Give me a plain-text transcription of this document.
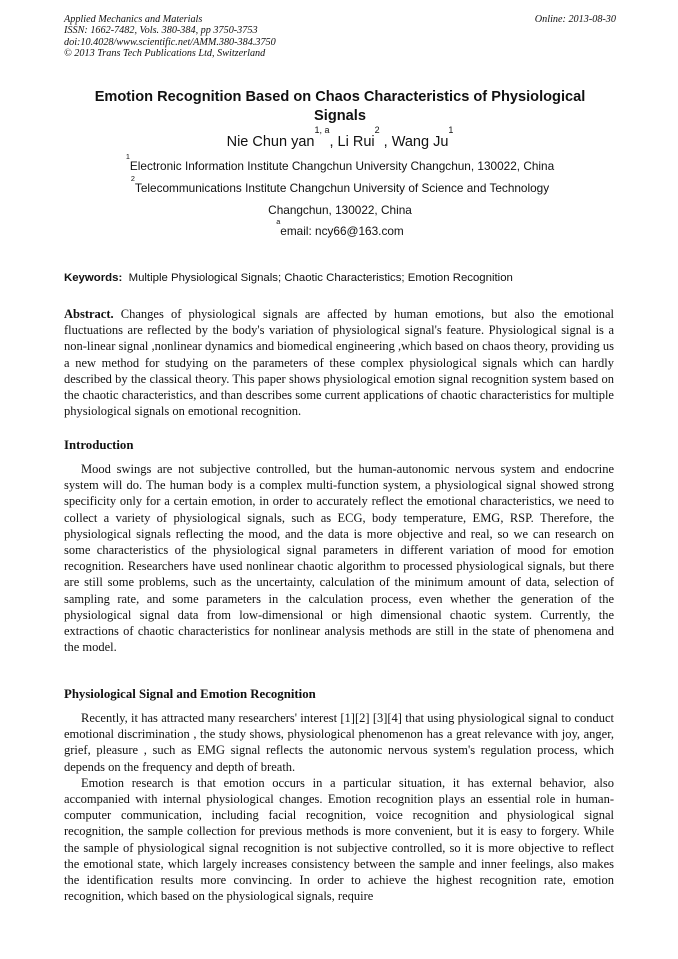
Applied Mechanics and Materials
ISSN: 1662-7482, Vols. 380-384, pp 3750-3753
doi:10.4028/www.scientific.net/AMM.380-384.3750
© 2013 Trans Tech Publications Ltd, Switzerland
Online: 2013-08-30
Emotion Recognition Based on Chaos Characteristics of Physiological
Signals
Nie Chun yan$^{1, a}$, Li Rui$^2$ , Wang Ju$^1$
$^1$Electronic Information Institute Changchun University Changchun, 130022, China
$^2$Telecommunications Institute Changchun University of Science and Technology
Changchun, 130022, China
$^a$email: ncy66@163.com
Keywords: Multiple Physiological Signals; Chaotic Characteristics; Emotion Recognition

Abstract. Changes of physiological signals are affected by human emotions, but also the emotional fluctuations are reflected by the body's variation of physiological signal's feature. Physiological signal is a non-linear signal ,nonlinear dynamics and biomedical engineering ,which based on chaos theory, providing us a new method for studying on the parameters of these complex physiological signals which can hardly described by the classical theory. This paper shows physiological emotion signal recognition system based on the chaotic characteristics, and than describes some current applications of chaotic characteristics for multiple physiological signals on emotional recognition.

Introduction

Mood swings are not subjective controlled, but the human-autonomic nervous system and endocrine system will do. The human body is a complex multi-function system, a physiological signal showed strong specificity only for a certain emotion, in order to accurately reflect the emotional characteristics, we need to collect a variety of physiological signals, such as ECG, body temperature, EMG, RSP. Therefore, the physiological signals reflecting the mood, and the data is more objective and real, so we can research on some characteristics of the physiological signal parameters in different variation of mood for emotion recognition. Researchers have used nonlinear chaotic algorithm to processed physiological signals, but there are still some problems, such as the uncertainty, calculation of the minimum amount of data, selection of sampling rate, and some parameters in the calculation process, even whether the generation of the physiological signal data from low-dimensional or high dimensional chaotic system. Currently, the extractions of chaotic characteristics for nonlinear analysis methods are still in the state of phenomena and the model.

Physiological Signal and Emotion Recognition

Recently, it has attracted many researchers' interest [1][2] [3][4] that using physiological signal to conduct emotional discrimination , the study shows, physiological phenomenon has a great relevance with joy, anger, grief, pleasure , such as EMG signal reflects the autonomic nervous system's regulation process, which depends on the frequency and depth of breath.

Emotion research is that emotion occurs in a particular situation, it has external behavior, also accompanied with internal physiological changes. Emotion recognition plays an essential role in human-computer communication, including facial recognition, voice recognition and physiological signal recognition, the sample collection for previous methods is more convenient, but it is easy to forgery. While the sample of physiological signal recognition is not subjective controlled, so it is more objective to reflect the emotional state, which largely increases consistency between the sample and inner feelings, also makes the identification results more convincing. In order to achieve the highest recognition rate, emotion recognition, which based on the physiological signals, require
